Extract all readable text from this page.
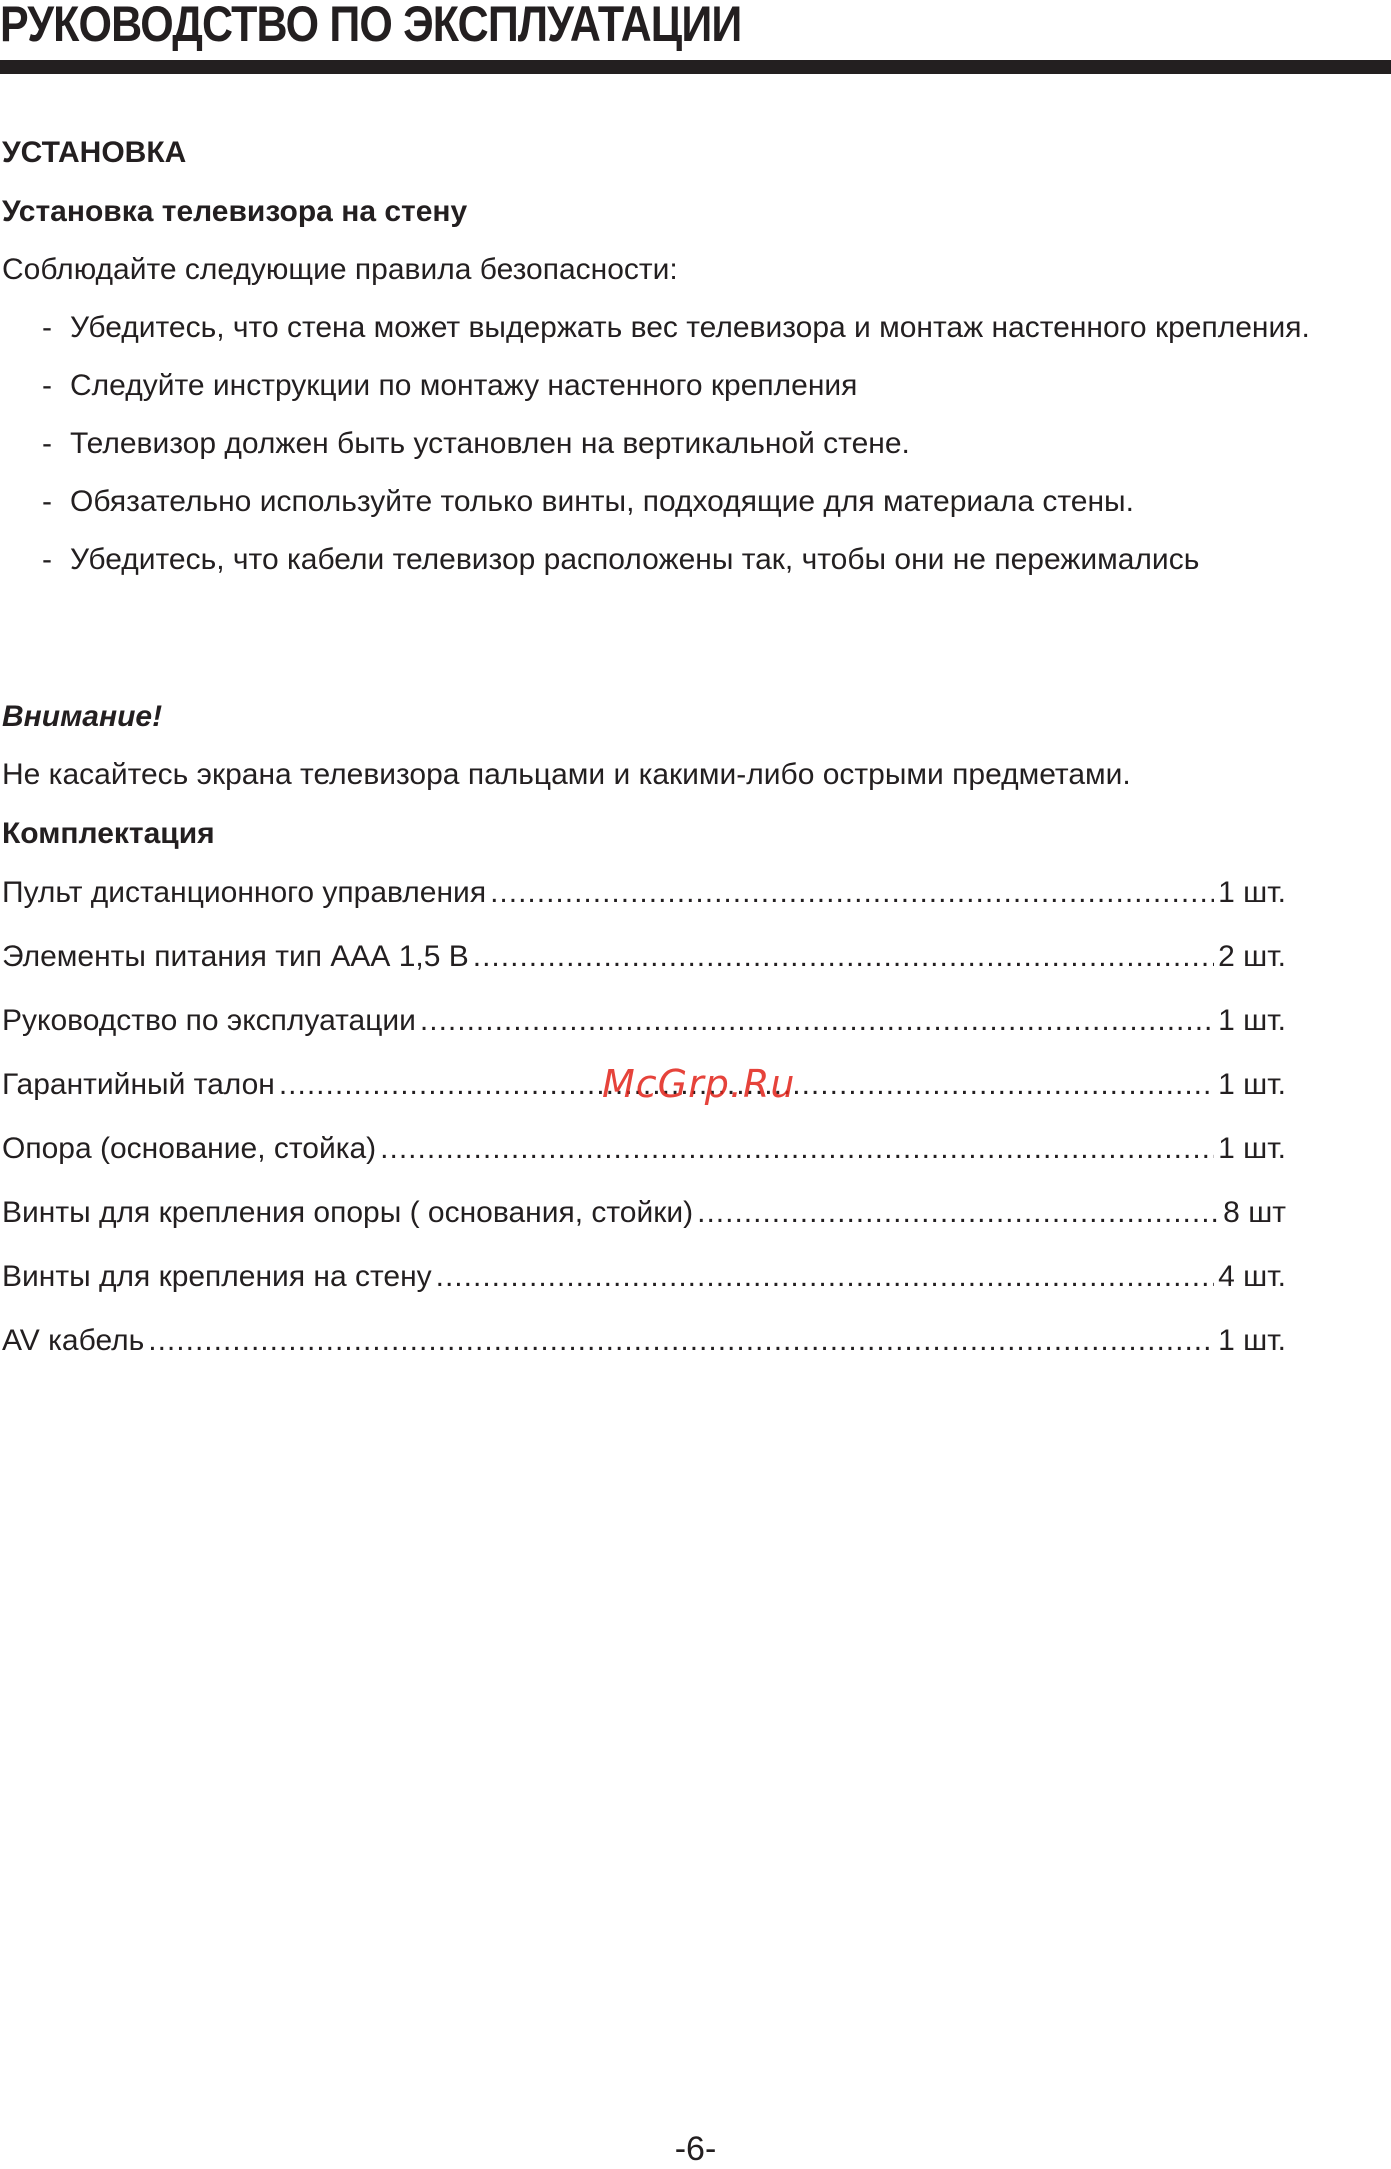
РУКОВОДСТВО ПО ЭКСПЛУАТАЦИИ
УСТАНОВКА
Установка телевизора на стену
Соблюдайте следующие правила безопасности:
- Убедитесь, что стена может выдержать вес телевизора и монтаж настенного крепления.
- Следуйте инструкции по монтажу настенного крепления
- Телевизор должен быть установлен на вертикальной стене.
- Обязательно используйте только винты, подходящие для материала стены.
- Убедитесь, что кабели телевизор расположены так, чтобы они не пережимались
Внимание!
Не касайтесь экрана телевизора пальцами и какими-либо острыми предметами.
Комплектация
Пульт дистанционного управления .....	1 шт.
Элементы питания тип ААА 1,5 В .....	2 шт.
Руководство по эксплуатации .....	1 шт.
Гарантийный талон .....	1 шт.
Опора (основание, стойка) .....	1 шт.
Винты для крепления опоры ( основания, стойки) .....	8 шт
Винты для крепления на стену .....	4 шт.
AV кабель .....	1 шт.
McGrp.Ru
-6-
